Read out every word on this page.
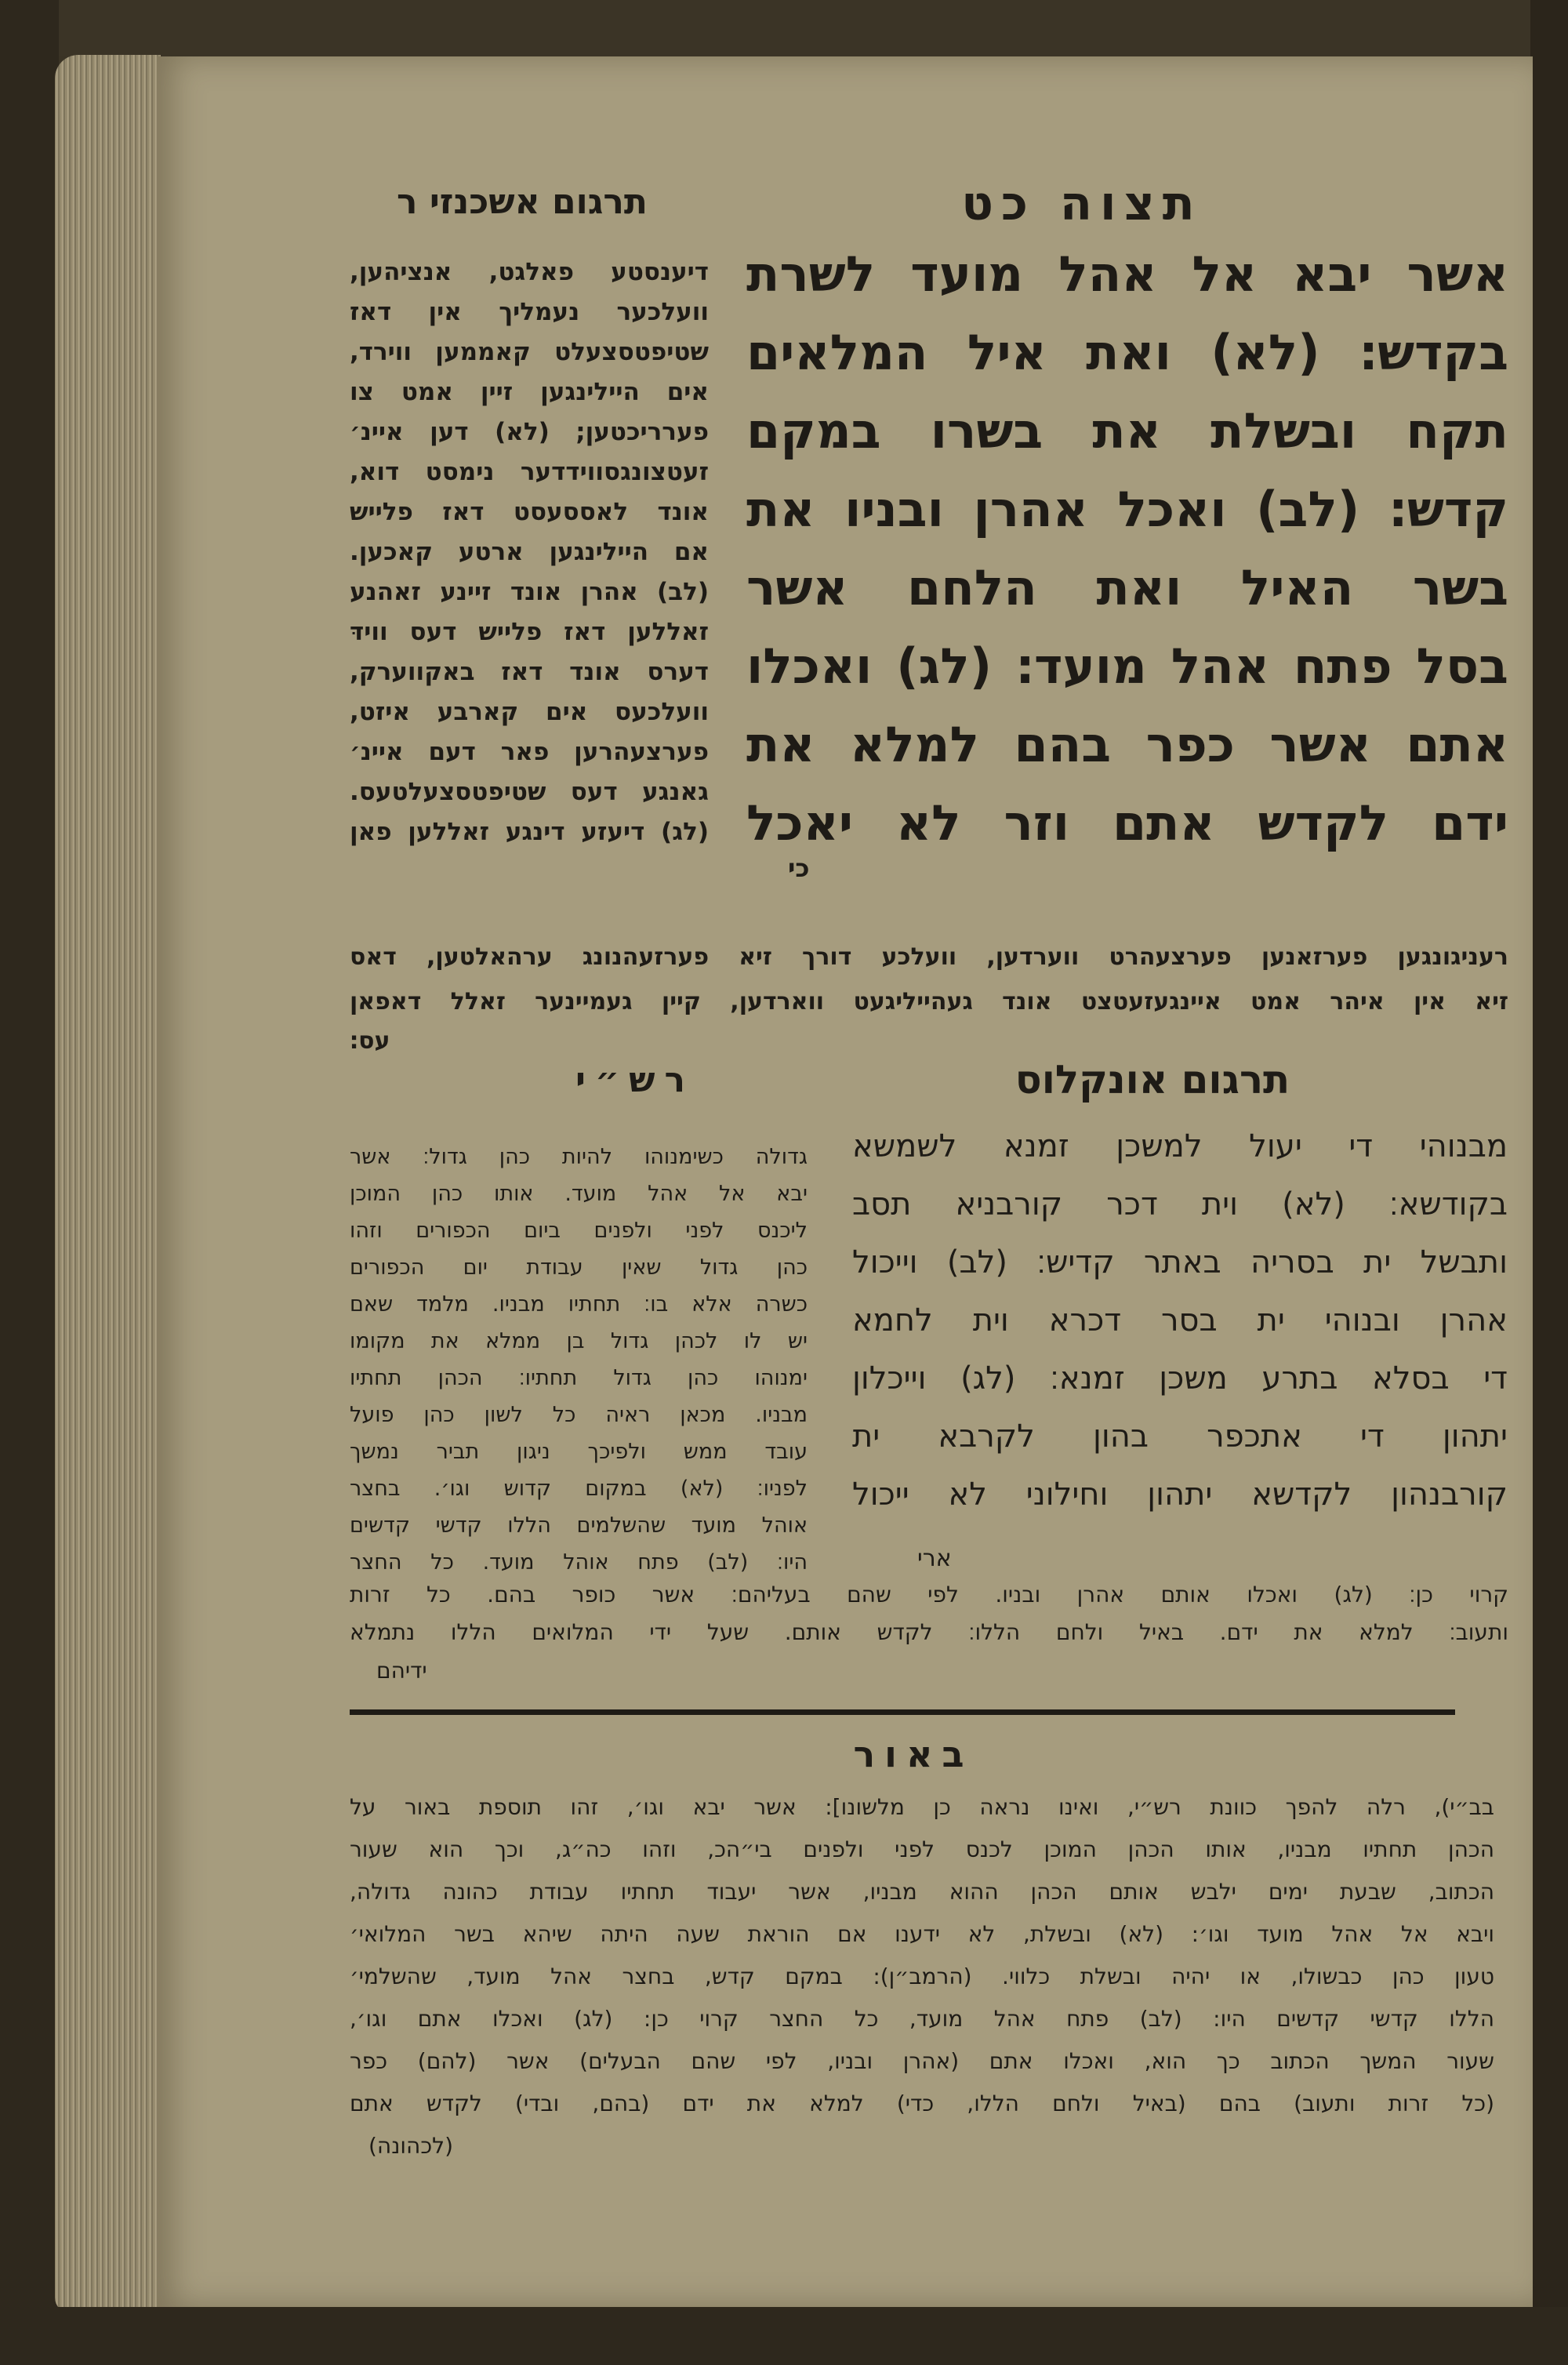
תצוה כט
תרגום אשכנזי ר
אשר יבא אל אהל מועד לשרת
בקדש׃ (לא) ואת איל המלאים
תקח ובשלת את בשרו במקם
קדש׃ (לב) ואכל אהרן ובניו את
בשר האיל ואת הלחם אשר
בסל פתח אהל מועד׃ (לג) ואכלו
אתם אשר כפר בהם למלא את
ידם לקדש אתם וזר לא יאכל
כי
דיענסטע פאלגט, אנציהען,
וועלכער נעמליך אין דאז
שטיפטסצעלט קאממען ווירד,
אים היילינגען זיין אמט צו
פערריכטען; (לא) דען איינ׳
זעטצונגסווידדער נימסט דוא,
אונד לאססעסט דאז פלייש
אם היילינגען ארטע קאכען.
(לב) אהרן אונד זיינע זאהנע
זאללען דאז פלייש דעס ווידּ
דערס אונד דאז באקווערק,
וועלכעס אים קארבע איזט,
פערצעהרען פאר דעם איינ׳
גאנגע דעס שטיפטסצעלטעס.
(לג) דיעזע דינגע זאללען פאן
רעניגונגען פערזאנען פערצעהרט ווערדען, וועלכע דורך זיא פערזעהנונג ערהאלטען, דאס
זיא אין איהר אמט איינגעזעטצט אונד געהייליגעט ווארדען, קיין געמיינער זאלל דאפאן
עס׃
תרגום אונקלוס
רש״י
מבנוהי די יעול למשכן זמנא לשמשא
בקודשא׃ (לא) וית דכר קורבניא תסב
ותבשל ית בסריה באתר קדיש׃ (לב) וייכול
אהרן ובנוהי ית בסר דכרא וית לחמא
די בסלא בתרע משכן זמנא׃ (לג) וייכלון
יתהון די אתכפר בהון לקרבא ית
קורבנהון לקדשא יתהון וחילוני לא ייכול
ארי
גדולה כשימנוהו להיות כהן גדול׃ אשר
יבא אל אהל מועד. אותו כהן המוכן
ליכנס לפני ולפנים ביום הכפורים וזהו
כהן גדול שאין עבודת יום הכפורים
כשרה אלא בו׃ תחתיו מבניו. מלמד שאם
יש לו לכהן גדול בן ממלא את מקומו
ימנוהו כהן גדול תחתיו׃ הכהן תחתיו
מבניו. מכאן ראיה כל לשון כהן פועל
עובד ממש ולפיכך ניגון תביר נמשך
לפניו׃ (לא) במקום קדוש וגו׳. בחצר
אוהל מועד שהשלמים הללו קדשי קדשים
היו׃ (לב) פתח אוהל מועד. כל החצר
קרוי כן׃ (לג) ואכלו אותם אהרן ובניו. לפי שהם בעליהם׃ אשר כופר בהם. כל זרות
ותעוב׃ למלא את ידם. באיל ולחם הללו׃ לקדש אותם. שעל ידי המלואים הללו נתמלא
ידיהם
באור
בב״י), רלה להפך כוונת רש״י, ואינו נראה כן מלשונו]: אשר יבא וגו׳, זהו תוספת באור על
הכהן תחתיו מבניו, אותו הכהן המוכן לכנס לפני ולפנים בי״הכ, וזהו כה״ג, וכך הוא שעור
הכתוב, שבעת ימים ילבש אותם הכהן ההוא מבניו, אשר יעבוד תחתיו עבודת כהונה גדולה,
ויבא אל אהל מועד וגו׳: (לא) ובשלת, לא ידענו אם הוראת שעה היתה שיהא בשר המלואי׳
טעון כהן כבשולו, או יהיה ובשלת כלווי. (הרמב״ן): במקם קדש, בחצר אהל מועד, שהשלמי׳
הללו קדשי קדשים היו: (לב) פתח אהל מועד, כל החצר קרוי כן: (לג) ואכלו אתם וגו׳,
שעור המשך הכתוב כך הוא, ואכלו אתם (אהרן ובניו, לפי שהם הבעלים) אשר (להם) כפר
(כל זרות ותעוב) בהם (באיל ולחם הללו, כדי) למלא את ידם (בהם, ובדי) לקדש אתם
(לכהונה)
